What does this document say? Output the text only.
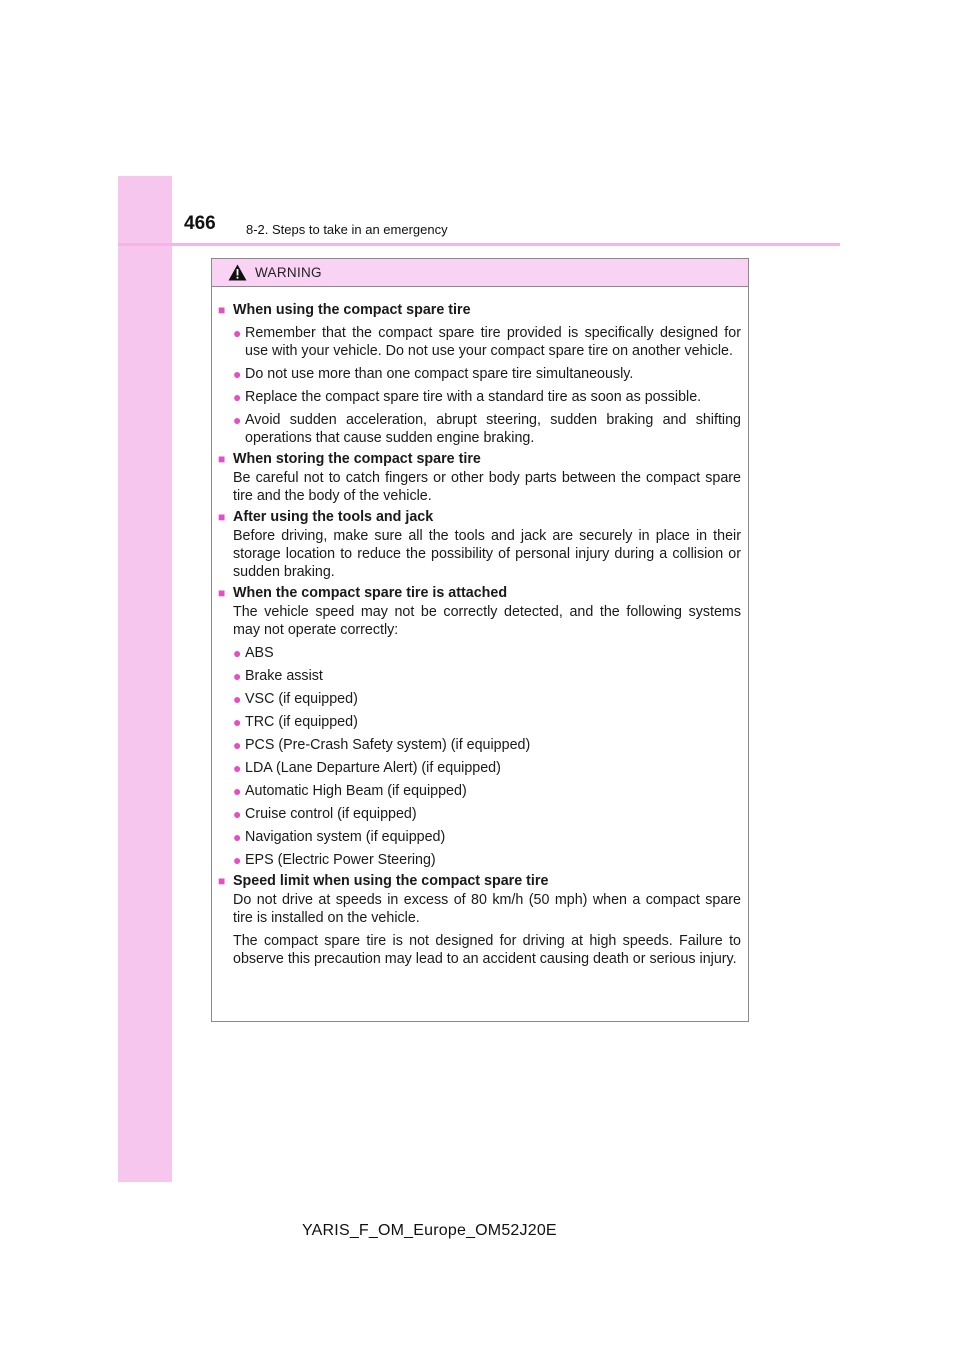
466 8-2. Steps to take in an emergency
WARNING
■ When using the compact spare tire
● Remember that the compact spare tire provided is specifically designed for use with your vehicle. Do not use your compact spare tire on another vehicle.
● Do not use more than one compact spare tire simultaneously.
● Replace the compact spare tire with a standard tire as soon as possible.
● Avoid sudden acceleration, abrupt steering, sudden braking and shifting operations that cause sudden engine braking.
■ When storing the compact spare tire
Be careful not to catch fingers or other body parts between the compact spare tire and the body of the vehicle.
■ After using the tools and jack
Before driving, make sure all the tools and jack are securely in place in their storage location to reduce the possibility of personal injury during a collision or sudden braking.
■ When the compact spare tire is attached
The vehicle speed may not be correctly detected, and the following systems may not operate correctly:
● ABS
● Brake assist
● VSC (if equipped)
● TRC (if equipped)
● PCS (Pre-Crash Safety system) (if equipped)
● LDA (Lane Departure Alert) (if equipped)
● Automatic High Beam (if equipped)
● Cruise control (if equipped)
● Navigation system (if equipped)
● EPS (Electric Power Steering)
■ Speed limit when using the compact spare tire
Do not drive at speeds in excess of 80 km/h (50 mph) when a compact spare tire is installed on the vehicle.
The compact spare tire is not designed for driving at high speeds. Failure to observe this precaution may lead to an accident causing death or serious injury.
YARIS_F_OM_Europe_OM52J20E
